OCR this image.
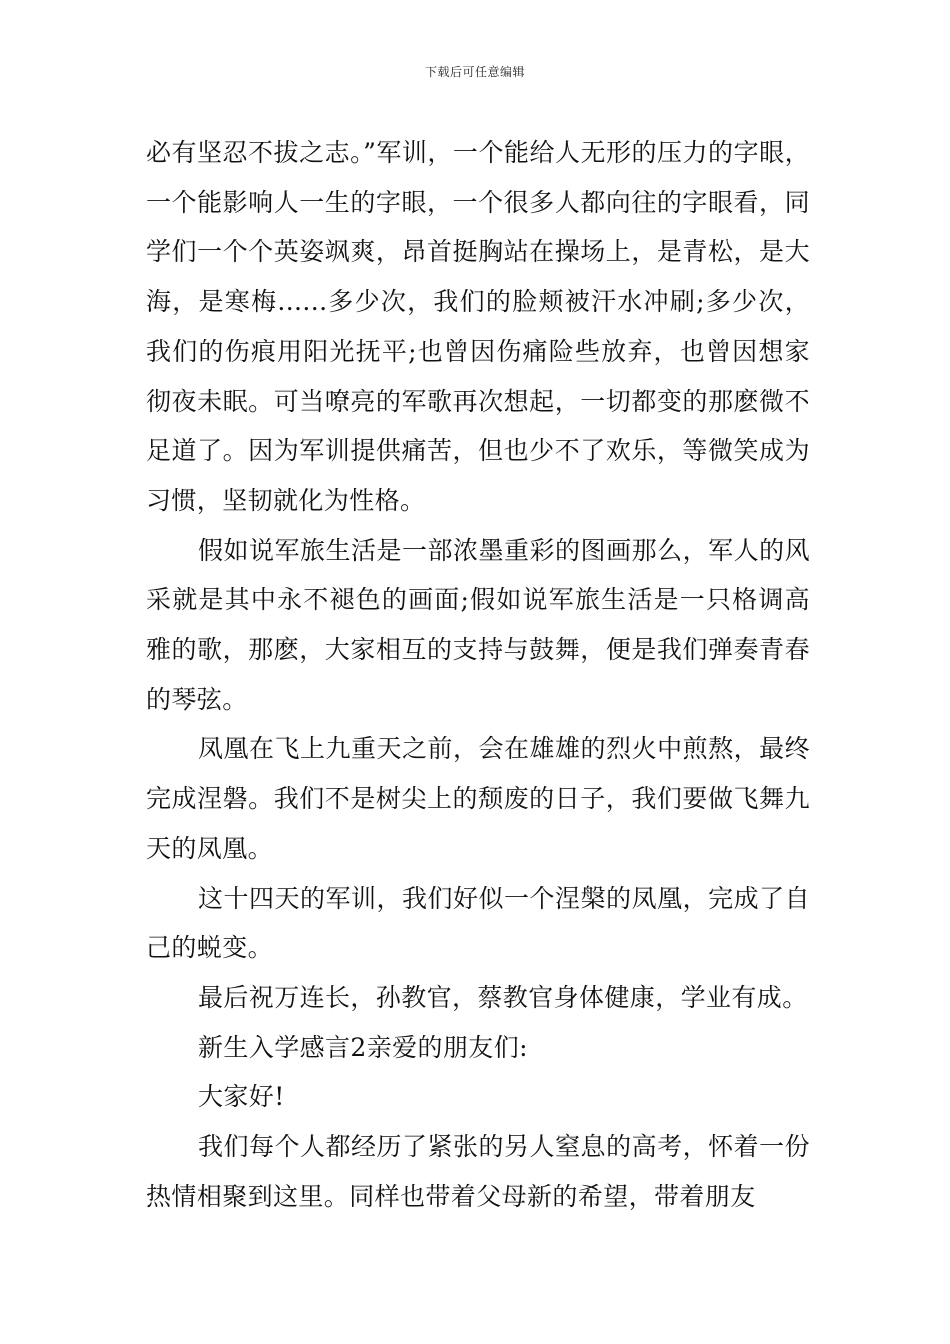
下载后可任意编辑

必有坚忍不拔之志。”军训，一个能给人无形的压力的字眼，一个能影响人一生的字眼，一个很多人都向往的字眼看，同学们一个个英姿飒爽，昂首挺胸站在操场上，是青松，是大海，是寒梅......多少次，我们的脸颊被汗水冲刷;多少次，我们的伤痕用阳光抚平;也曾因伤痛险些放弃，也曾因想家彻夜未眠。可当嘹亮的军歌再次想起，一切都变的那麽微不足道了。因为军训提供痛苦，但也少不了欢乐，等微笑成为习惯，坚韧就化为性格。

假如说军旅生活是一部浓墨重彩的图画那么，军人的风采就是其中永不褪色的画面;假如说军旅生活是一只格调高雅的歌，那麽，大家相互的支持与鼓舞，便是我们弹奏青春的琴弦。

凤凰在飞上九重天之前，会在雄雄的烈火中煎熬，最终完成涅磐。我们不是树尖上的颓废的日子，我们要做飞舞九天的凤凰。

这十四天的军训，我们好似一个涅槃的凤凰，完成了自己的蜕变。

最后祝万连长，孙教官，蔡教官身体健康，学业有成。

新生入学感言2亲爱的朋友们:

大家好!

我们每个人都经历了紧张的另人窒息的高考，怀着一份热情相聚到这里。同样也带着父母新的希望，带着朋友
